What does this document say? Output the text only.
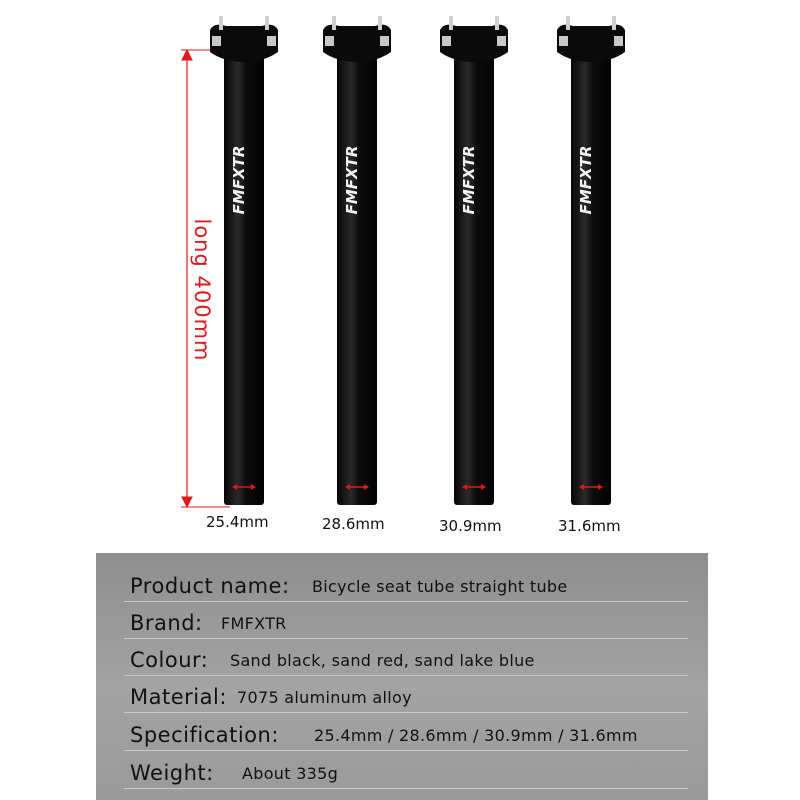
FMFXTR	FMFXTR	FMFXTR	FMFXTR
long 400mm
25.4mm	28.6mm	30.9mm	31.6mm
Product name: Bicycle seat tube straight tube
Brand: FMFXTR
Colour: Sand black, sand red, sand lake blue
Material: 7075 aluminum alloy
Specification: 25.4mm / 28.6mm / 30.9mm / 31.6mm
Weight: About 335g
